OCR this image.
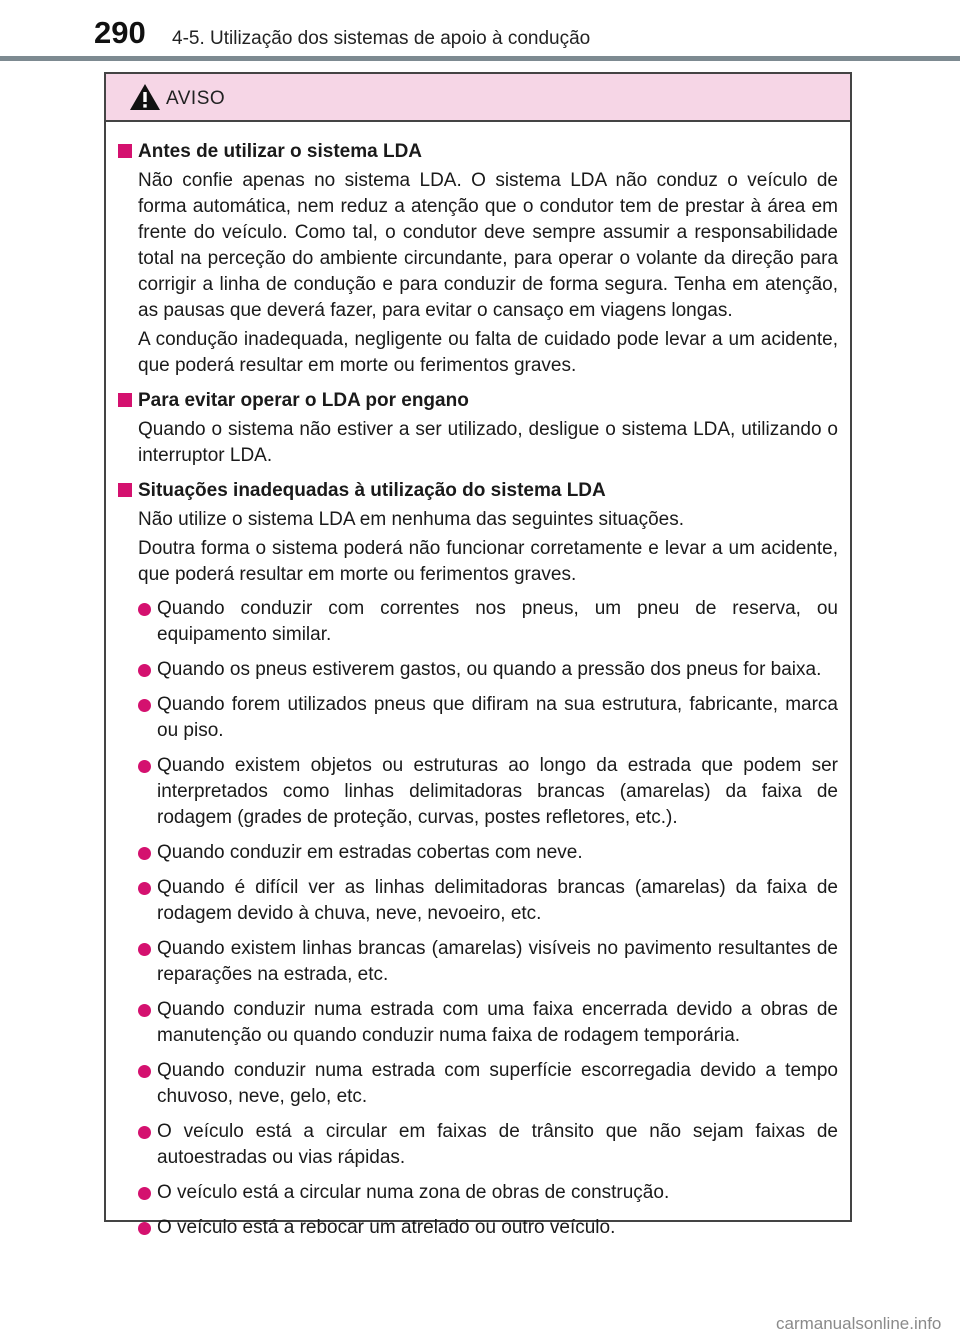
290 4-5. Utilização dos sistemas de apoio à condução
AVISO
Antes de utilizar o sistema LDA

Não confie apenas no sistema LDA. O sistema LDA não conduz o veículo de forma automática, nem reduz a atenção que o condutor tem de prestar à área em frente do veículo. Como tal, o condutor deve sempre assumir a responsabilidade total na perceção do ambiente circundante, para operar o volante da direção para corrigir a linha de condução e para conduzir de forma segura. Tenha em atenção, as pausas que deverá fazer, para evitar o cansaço em viagens longas.

A condução inadequada, negligente ou falta de cuidado pode levar a um acidente, que poderá resultar em morte ou ferimentos graves.

Para evitar operar o LDA por engano

Quando o sistema não estiver a ser utilizado, desligue o sistema LDA, utilizando o interruptor LDA.

Situações inadequadas à utilização do sistema LDA

Não utilize o sistema LDA em nenhuma das seguintes situações.

Doutra forma o sistema poderá não funcionar corretamente e levar a um acidente, que poderá resultar em morte ou ferimentos graves.

Quando conduzir com correntes nos pneus, um pneu de reserva, ou equipamento similar.
Quando os pneus estiverem gastos, ou quando a pressão dos pneus for baixa.
Quando forem utilizados pneus que difiram na sua estrutura, fabricante, marca ou piso.
Quando existem objetos ou estruturas ao longo da estrada que podem ser interpretados como linhas delimitadoras brancas (amarelas) da faixa de rodagem (grades de proteção, curvas, postes refletores, etc.).
Quando conduzir em estradas cobertas com neve.
Quando é difícil ver as linhas delimitadoras brancas (amarelas) da faixa de rodagem devido à chuva, neve, nevoeiro, etc.
Quando existem linhas brancas (amarelas) visíveis no pavimento resultantes de reparações na estrada, etc.
Quando conduzir numa estrada com uma faixa encerrada devido a obras de manutenção ou quando conduzir numa faixa de rodagem temporária.
Quando conduzir numa estrada com superfície escorregadia devido a tempo chuvoso, neve, gelo, etc.
O veículo está a circular em faixas de trânsito que não sejam faixas de autoestradas ou vias rápidas.
O veículo está a circular numa zona de obras de construção.
O veículo está a rebocar um atrelado ou outro veículo.
carmanualsonline.info
